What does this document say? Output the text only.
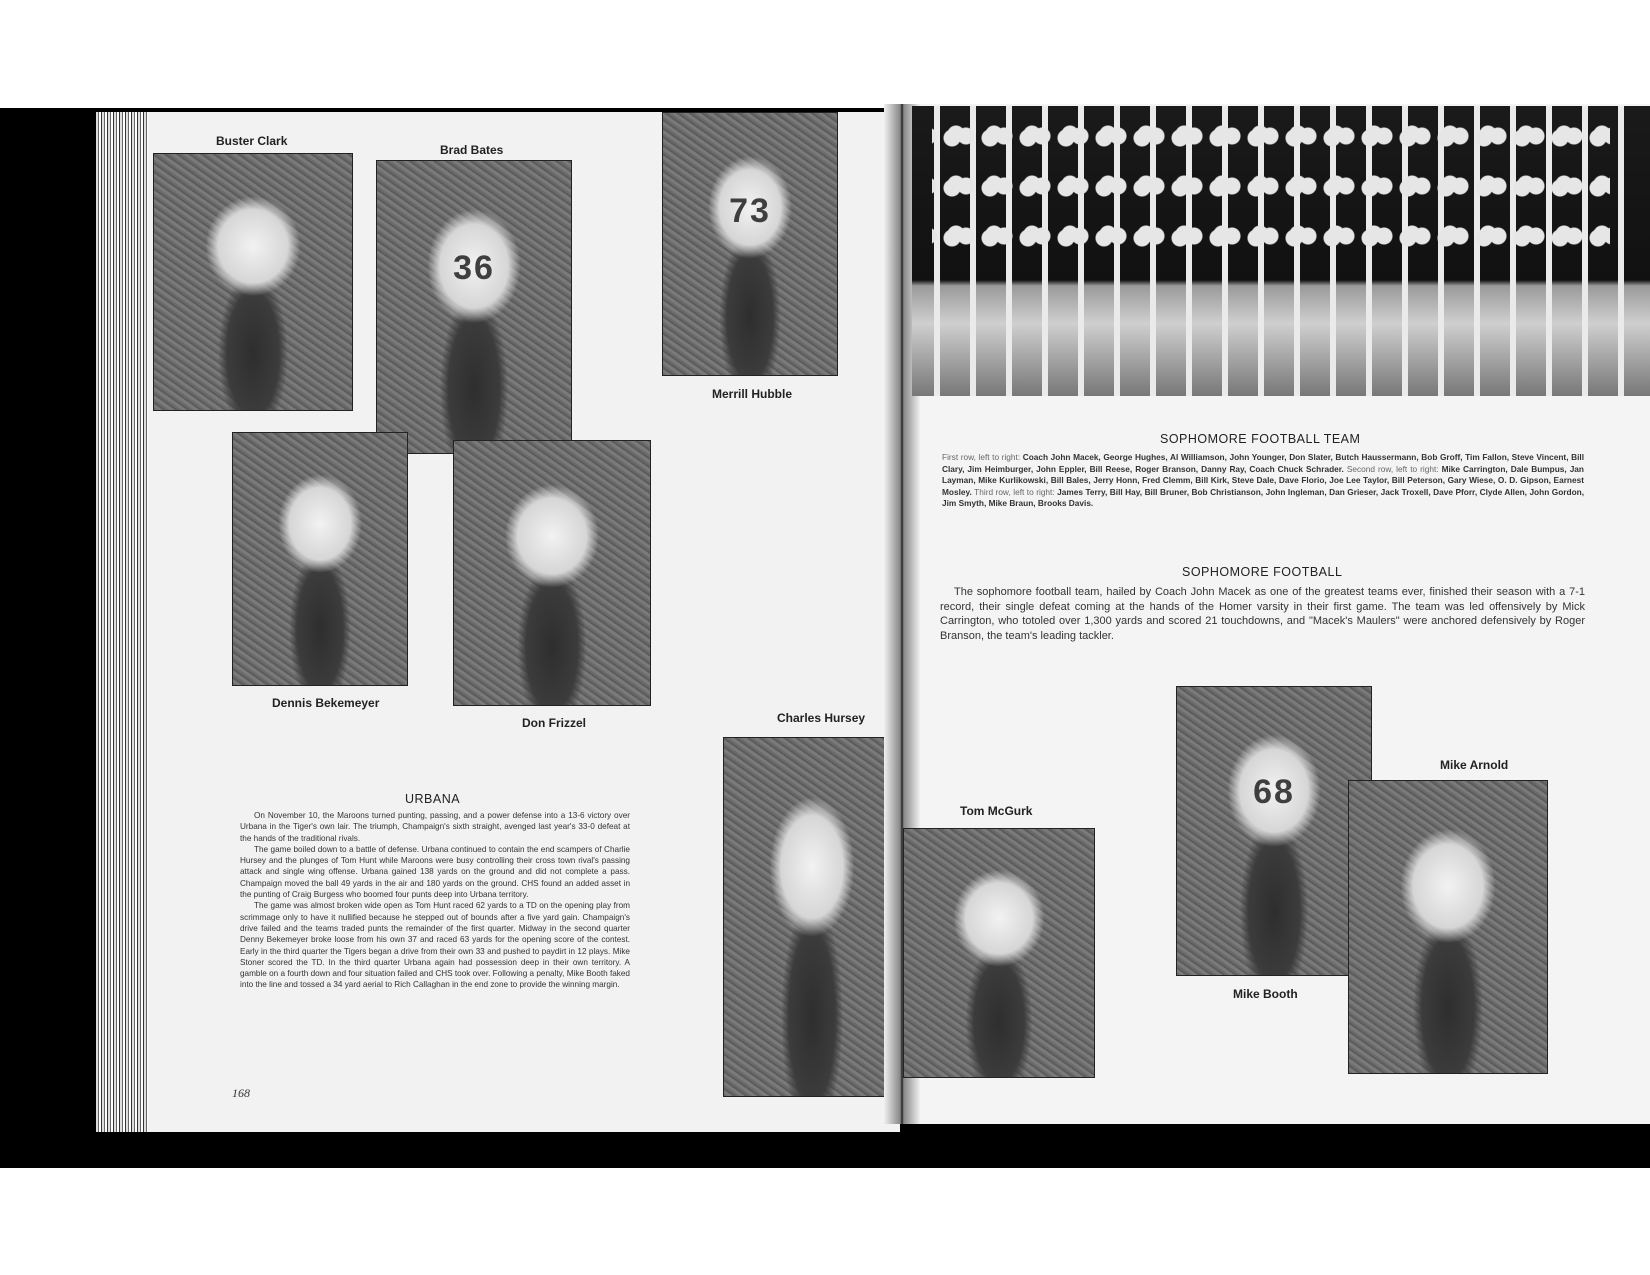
Buster Clark
Brad Bates
36
73
Merrill Hubble
Dennis Bekemeyer
Don Frizzel	Charles Hursey
URBANA

On November 10, the Maroons turned punting, passing, and a power defense into a 13-6 victory over Urbana in the Tiger's own lair. The triumph, Champaign's sixth straight, avenged last year's 33-0 defeat at the hands of the traditional rivals.

The game boiled down to a battle of defense. Urbana continued to contain the end scampers of Charlie Hursey and the plunges of Tom Hunt while Maroons were busy controlling their cross town rival's passing attack and single wing offense. Urbana gained 138 yards on the ground and did not complete a pass. Champaign moved the ball 49 yards in the air and 180 yards on the ground. CHS found an added asset in the punting of Craig Burgess who boomed four punts deep into Urbana territory.

The game was almost broken wide open as Tom Hunt raced 62 yards to a TD on the opening play from scrimmage only to have it nullified because he stepped out of bounds after a five yard gain. Champaign's drive failed and the teams traded punts the remainder of the first quarter. Midway in the second quarter Denny Bekemeyer broke loose from his own 37 and raced 63 yards for the opening score of the contest. Early in the third quarter the Tigers began a drive from their own 33 and pushed to paydirt in 12 plays. Mike Stoner scored the TD. In the third quarter Urbana again had possession deep in their own territory. A gamble on a fourth down and four situation failed and CHS took over. Following a penalty, Mike Booth faked into the line and tossed a 34 yard aerial to Rich Callaghan in the end zone to provide the winning margin.

168
SOPHOMORE FOOTBALL TEAM
First row, left to right: Coach John Macek, George Hughes, Al Williamson, John Younger, Don Slater, Butch Haussermann, Bob Groff, Tim Fallon, Steve Vincent, Bill Clary, Jim Heimburger, John Eppler, Bill Reese, Roger Branson, Danny Ray, Coach Chuck Schrader. Second row, left to right: Mike Carrington, Dale Bumpus, Jan Layman, Mike Kurlikowski, Bill Bales, Jerry Honn, Fred Clemm, Bill Kirk, Steve Dale, Dave Florio, Joe Lee Taylor, Bill Peterson, Gary Wiese, O. D. Gipson, Earnest Mosley. Third row, left to right: James Terry, Bill Hay, Bill Bruner, Bob Christianson, John Ingleman, Dan Grieser, Jack Troxell, Dave Pforr, Clyde Allen, John Gordon, Jim Smyth, Mike Braun, Brooks Davis.
SOPHOMORE FOOTBALL

The sophomore football team, hailed by Coach John Macek as one of the greatest teams ever, finished their season with a 7-1 record, their single defeat coming at the hands of the Homer varsity in their first game. The team was led offensively by Mick Carrington, who totoled over 1,300 yards and scored 21 touchdowns, and "Macek's Maulers" were anchored defensively by Roger Branson, the team's leading tackler.

Tom McGurk	68
Mike Booth
Mike Arnold
